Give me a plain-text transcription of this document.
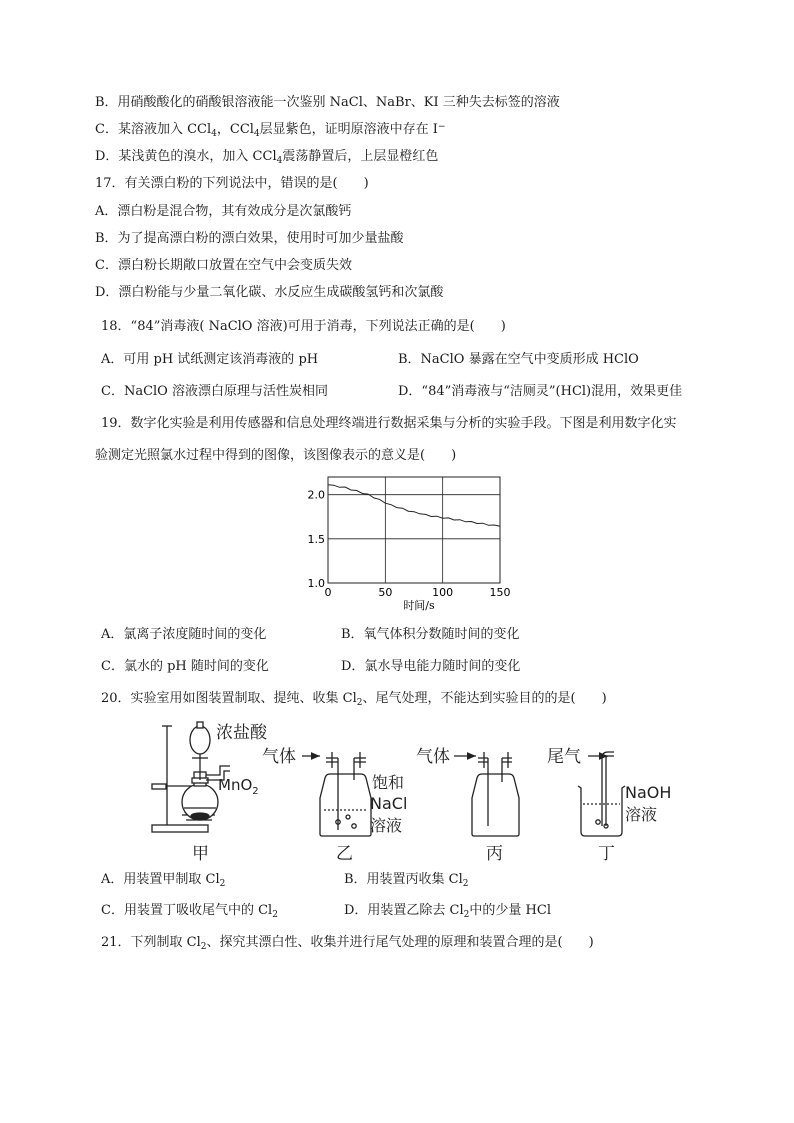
B．用硝酸酸化的硝酸银溶液能一次鉴别 NaCl、NaBr、KI 三种失去标签的溶液
C．某溶液加入 CCl$_4$，CCl$_4$层显紫色，证明原溶液中存在 I−
D．某浅黄色的溴水，加入 CCl$_4$震荡静置后，上层显橙红色
17．有关漂白粉的下列说法中，错误的是(　　)
A．漂白粉是混合物，其有效成分是次氯酸钙
B．为了提高漂白粉的漂白效果，使用时可加少量盐酸
C．漂白粉长期敞口放置在空气中会变质失效
D．漂白粉能与少量二氧化碳、水反应生成碳酸氢钙和次氯酸
18．“84”消毒液( NaClO 溶液)可用于消毒，下列说法正确的是(　　)
A．可用 pH 试纸测定该消毒液的 pH	B．NaClO 暴露在空气中变质形成 HClO
C．NaClO 溶液漂白原理与活性炭相同	D．“84”消毒液与“洁厕灵”(HCl)混用，效果更佳
19．数字化实验是利用传感器和信息处理终端进行数据采集与分析的实验手段。下图是利用数字化实
验测定光照氯水过程中得到的图像，该图像表示的意义是(　　)
0	50	100	150
1.0
1.5
2.0
时间/s
A．氯离子浓度随时间的变化	B．氧气体积分数随时间的变化
C．氯水的 pH 随时间的变化	D．氯水导电能力随时间的变化
20．实验室用如图装置制取、提纯、收集 $Cl_2$、尾气处理，不能达到实验目的的是(　　)
浓盐酸
MnO$_2$
气体
饱和
NaCl
溶液
气体	尾气
NaOH
溶液
甲	乙	丙	丁
A．用装置甲制取 $Cl_2$	B．用装置丙收集 $Cl_2$
C．用装置丁吸收尾气中的 $Cl_2$	D．用装置乙除去 $Cl_2$中的少量 HCl
21．下列制取 $Cl_2$、探究其漂白性、收集并进行尾气处理的原理和装置合理的是(　　)
